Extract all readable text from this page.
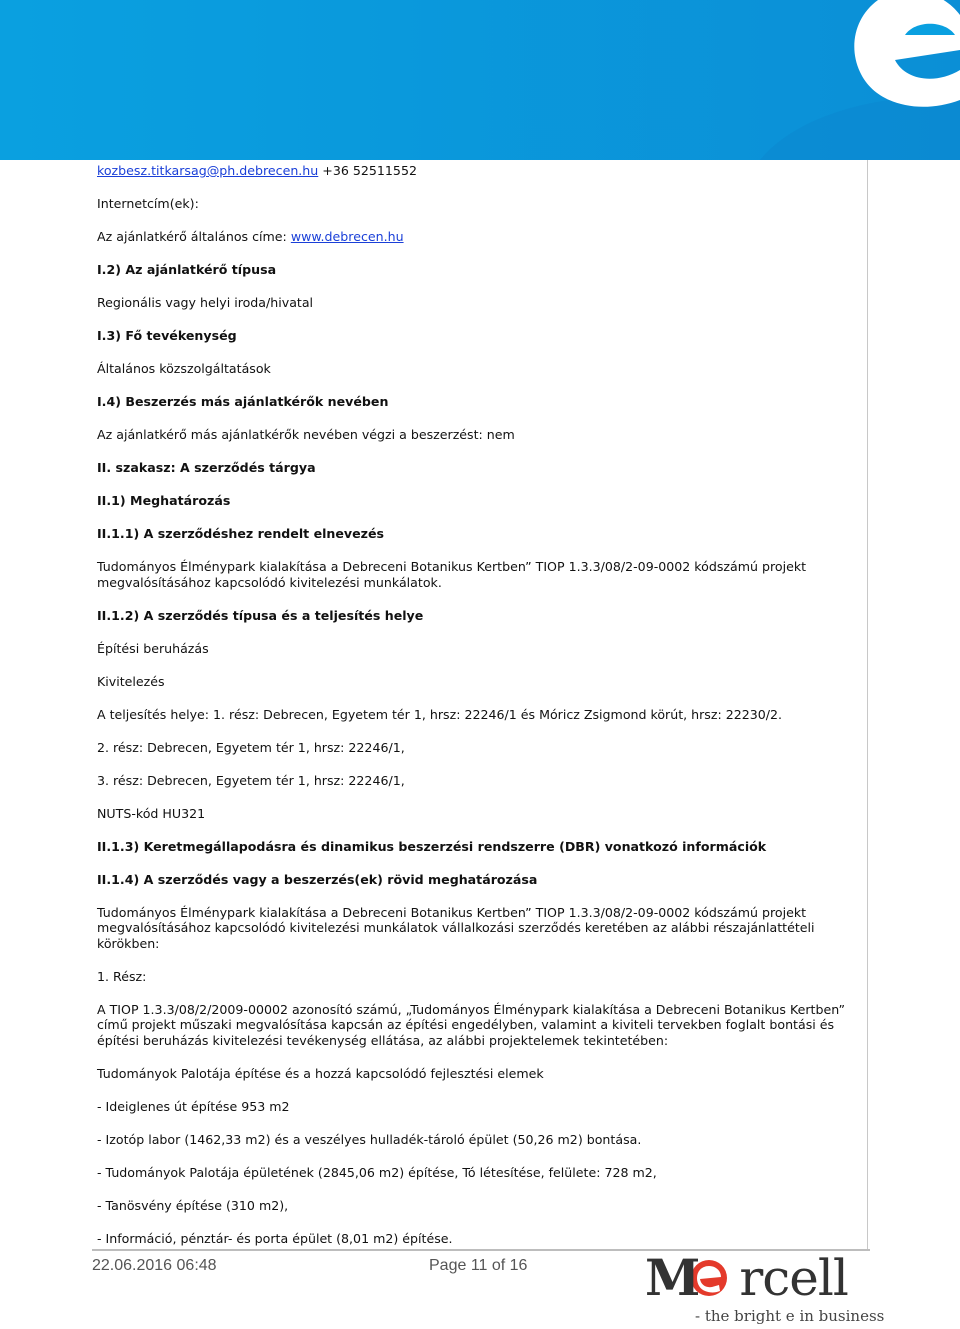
kozbesz.titkarsag@ph.debrecen.hu +36 52511552

Internetcím(ek):

Az ajánlatkérő általános címe: www.debrecen.hu

I.2) Az ajánlatkérő típusa

Regionális vagy helyi iroda/hivatal

I.3) Fő tevékenység

Általános közszolgáltatások

I.4) Beszerzés más ajánlatkérők nevében

Az ajánlatkérő más ajánlatkérők nevében végzi a beszerzést: nem

II. szakasz: A szerződés tárgya

II.1) Meghatározás

II.1.1) A szerződéshez rendelt elnevezés

Tudományos Élménypark kialakítása a Debreceni Botanikus Kertben” TIOP 1.3.3/08/2-09-0002 kódszámú projekt megvalósításához kapcsolódó kivitelezési munkálatok.

II.1.2) A szerződés típusa és a teljesítés helye

Építési beruházás

Kivitelezés

A teljesítés helye: 1. rész: Debrecen, Egyetem tér 1, hrsz: 22246/1 és Móricz Zsigmond körút, hrsz: 22230/2.

2. rész: Debrecen, Egyetem tér 1, hrsz: 22246/1,

3. rész: Debrecen, Egyetem tér 1, hrsz: 22246/1,

NUTS-kód HU321

II.1.3) Keretmegállapodásra és dinamikus beszerzési rendszerre (DBR) vonatkozó információk

II.1.4) A szerződés vagy a beszerzés(ek) rövid meghatározása

Tudományos Élménypark kialakítása a Debreceni Botanikus Kertben” TIOP 1.3.3/08/2-09-0002 kódszámú projekt megvalósításához kapcsolódó kivitelezési munkálatok vállalkozási szerződés keretében az alábbi részajánlattételi körökben:

1. Rész:

A TIOP 1.3.3/08/2/2009-00002 azonosító számú, „Tudományos Élménypark kialakítása a Debreceni Botanikus Kertben” című projekt műszaki megvalósítása kapcsán az építési engedélyben, valamint a kiviteli tervekben foglalt bontási és építési beruházás kivitelezési tevékenység ellátása, az alábbi projektelemek tekintetében:

Tudományok Palotája építése és a hozzá kapcsolódó fejlesztési elemek

- Ideiglenes út építése 953 m2

- Izotóp labor (1462,33 m2) és a veszélyes hulladék-tároló épület (50,26 m2) bontása.

- Tudományok Palotája épületének (2845,06 m2) építése, Tó létesítése, felülete: 728 m2,

- Tanösvény építése (310 m2),

- Információ, pénztár- és porta épület (8,01 m2) építése.

22.06.2016 06:48	Page 11 of 16 M rcell
- the bright e in business
